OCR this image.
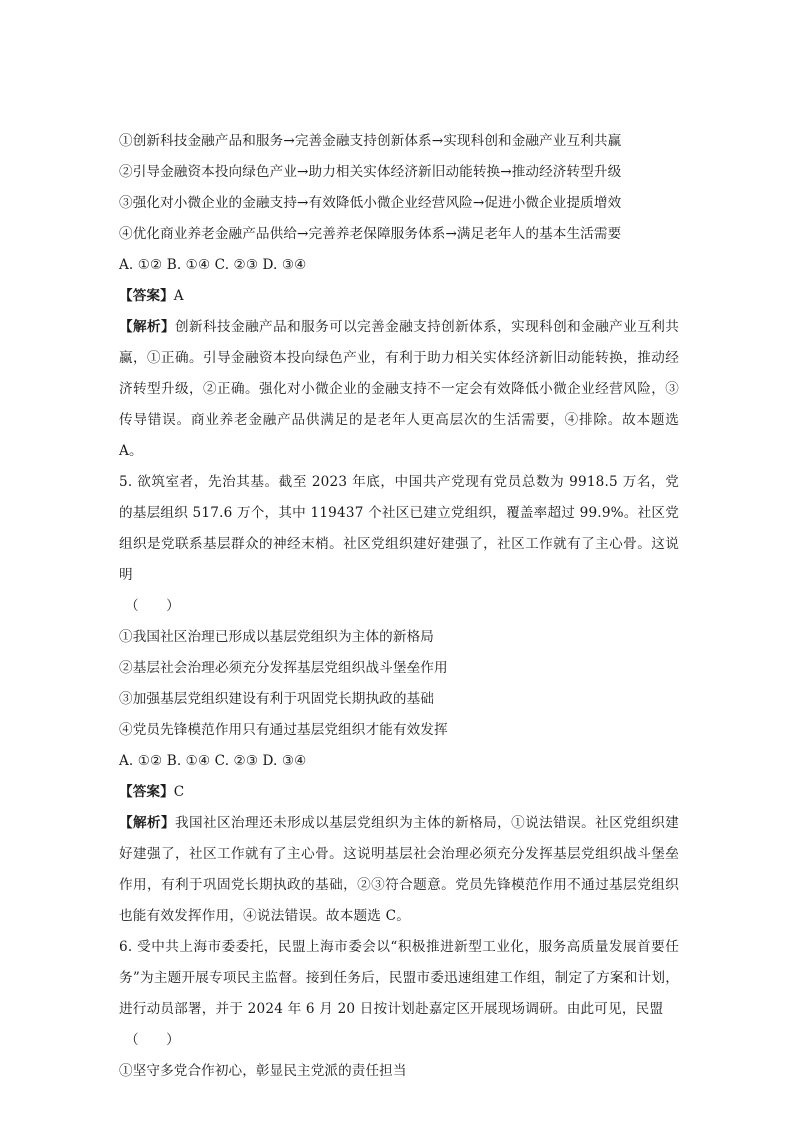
①创新科技金融产品和服务→完善金融支持创新体系→实现科创和金融产业互利共赢
②引导金融资本投向绿色产业→助力相关实体经济新旧动能转换→推动经济转型升级
③强化对小微企业的金融支持→有效降低小微企业经营风险→促进小微企业提质增效
④优化商业养老金融产品供给→完善养老保障服务体系→满足老年人的基本生活需要
A. ①② B. ①④ C. ②③ D. ③④
【答案】A
【解析】创新科技金融产品和服务可以完善金融支持创新体系，实现科创和金融产业互利共赢，①正确。引导金融资本投向绿色产业，有利于助力相关实体经济新旧动能转换，推动经济转型升级，②正确。强化对小微企业的金融支持不一定会有效降低小微企业经营风险，③传导错误。商业养老金融产品供满足的是老年人更高层次的生活需要，④排除。故本题选A。
5. 欲筑室者，先治其基。截至 2023 年底，中国共产党现有党员总数为 9918.5 万名，党的基层组织 517.6 万个，其中 119437 个社区已建立党组织，覆盖率超过 99.9%。社区党组织是党联系基层群众的神经末梢。社区党组织建好建强了，社区工作就有了主心骨。这说明
（　　）
①我国社区治理已形成以基层党组织为主体的新格局
②基层社会治理必须充分发挥基层党组织战斗堡垒作用
③加强基层党组织建设有利于巩固党长期执政的基础
④党员先锋模范作用只有通过基层党组织才能有效发挥
A. ①② B. ①④ C. ②③ D. ③④
【答案】C
【解析】我国社区治理还未形成以基层党组织为主体的新格局，①说法错误。社区党组织建好建强了，社区工作就有了主心骨。这说明基层社会治理必须充分发挥基层党组织战斗堡垒作用，有利于巩固党长期执政的基础，②③符合题意。党员先锋模范作用不通过基层党组织也能有效发挥作用，④说法错误。故本题选 C。
6. 受中共上海市委委托，民盟上海市委会以“积极推进新型工业化，服务高质量发展首要任务”为主题开展专项民主监督。接到任务后，民盟市委迅速组建工作组，制定了方案和计划，进行动员部署，并于 2024 年 6 月 20 日按计划赴嘉定区开展现场调研。由此可见，民盟
（　　）
①坚守多党合作初心，彰显民主党派的责任担当
